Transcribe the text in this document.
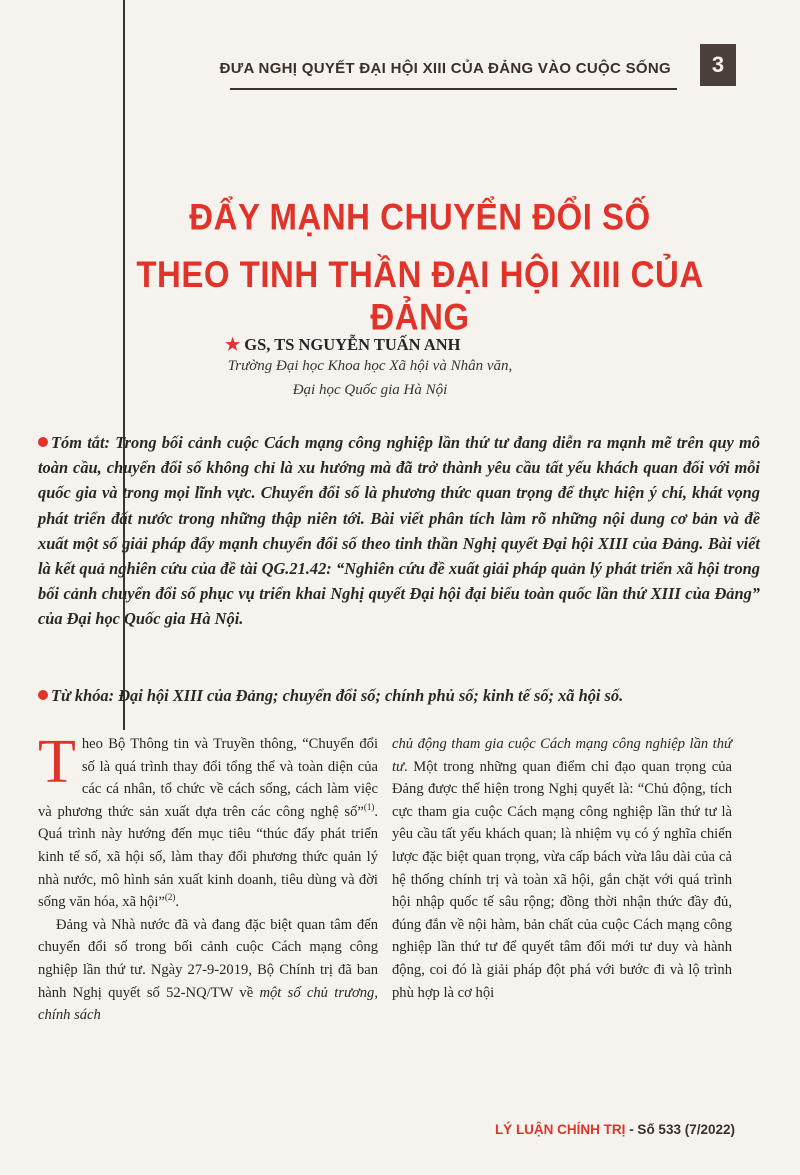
ĐƯA NGHỊ QUYẾT ĐẠI HỘI XIII CỦA ĐẢNG VÀO CUỘC SỐNG	3
ĐẨY MẠNH CHUYỂN ĐỔI SỐ
THEO TINH THẦN ĐẠI HỘI XIII CỦA ĐẢNG
★ GS, TS NGUYỄN TUẤN ANH
Trường Đại học Khoa học Xã hội và Nhân văn,
Đại học Quốc gia Hà Nội
Tóm tắt: Trong bối cảnh cuộc Cách mạng công nghiệp lần thứ tư đang diễn ra mạnh mẽ trên quy mô toàn cầu, chuyển đổi số không chỉ là xu hướng mà đã trở thành yêu cầu tất yếu khách quan đối với mỗi quốc gia và trong mọi lĩnh vực. Chuyển đổi số là phương thức quan trọng để thực hiện ý chí, khát vọng phát triển đất nước trong những thập niên tới. Bài viết phân tích làm rõ những nội dung cơ bản và đề xuất một số giải pháp đẩy mạnh chuyển đổi số theo tinh thần Nghị quyết Đại hội XIII của Đảng. Bài viết là kết quả nghiên cứu của đề tài QG.21.42: “Nghiên cứu đề xuất giải pháp quản lý phát triển xã hội trong bối cảnh chuyển đổi số phục vụ triển khai Nghị quyết Đại hội đại biểu toàn quốc lần thứ XIII của Đảng” của Đại học Quốc gia Hà Nội.
Từ khóa: Đại hội XIII của Đảng; chuyển đổi số; chính phủ số; kinh tế số; xã hội số.

Theo Bộ Thông tin và Truyền thông, “Chuyển đổi số là quá trình thay đổi tổng thể và toàn diện của các cá nhân, tổ chức về cách sống, cách làm việc và phương thức sản xuất dựa trên các công nghệ số”$^{(1)}$. Quá trình này hướng đến mục tiêu “thúc đẩy phát triển kinh tế số, xã hội số, làm thay đổi phương thức quản lý nhà nước, mô hình sản xuất kinh doanh, tiêu dùng và đời sống văn hóa, xã hội”$^{(2)}$.

Đảng và Nhà nước đã và đang đặc biệt quan tâm đến chuyển đổi số trong bối cảnh cuộc Cách mạng công nghiệp lần thứ tư. Ngày 27-9-2019, Bộ Chính trị đã ban hành Nghị quyết số 52-NQ/TW về một số chủ trương, chính sách

chủ động tham gia cuộc Cách mạng công nghiệp lần thứ tư. Một trong những quan điểm chỉ đạo quan trọng của Đảng được thể hiện trong Nghị quyết là: “Chủ động, tích cực tham gia cuộc Cách mạng công nghiệp lần thứ tư là yêu cầu tất yếu khách quan; là nhiệm vụ có ý nghĩa chiến lược đặc biệt quan trọng, vừa cấp bách vừa lâu dài của cả hệ thống chính trị và toàn xã hội, gắn chặt với quá trình hội nhập quốc tế sâu rộng; đồng thời nhận thức đầy đủ, đúng đắn về nội hàm, bản chất của cuộc Cách mạng công nghiệp lần thứ tư để quyết tâm đổi mới tư duy và hành động, coi đó là giải pháp đột phá với bước đi và lộ trình phù hợp là cơ hội

LÝ LUẬN CHÍNH TRỊ - Số 533 (7/2022)
